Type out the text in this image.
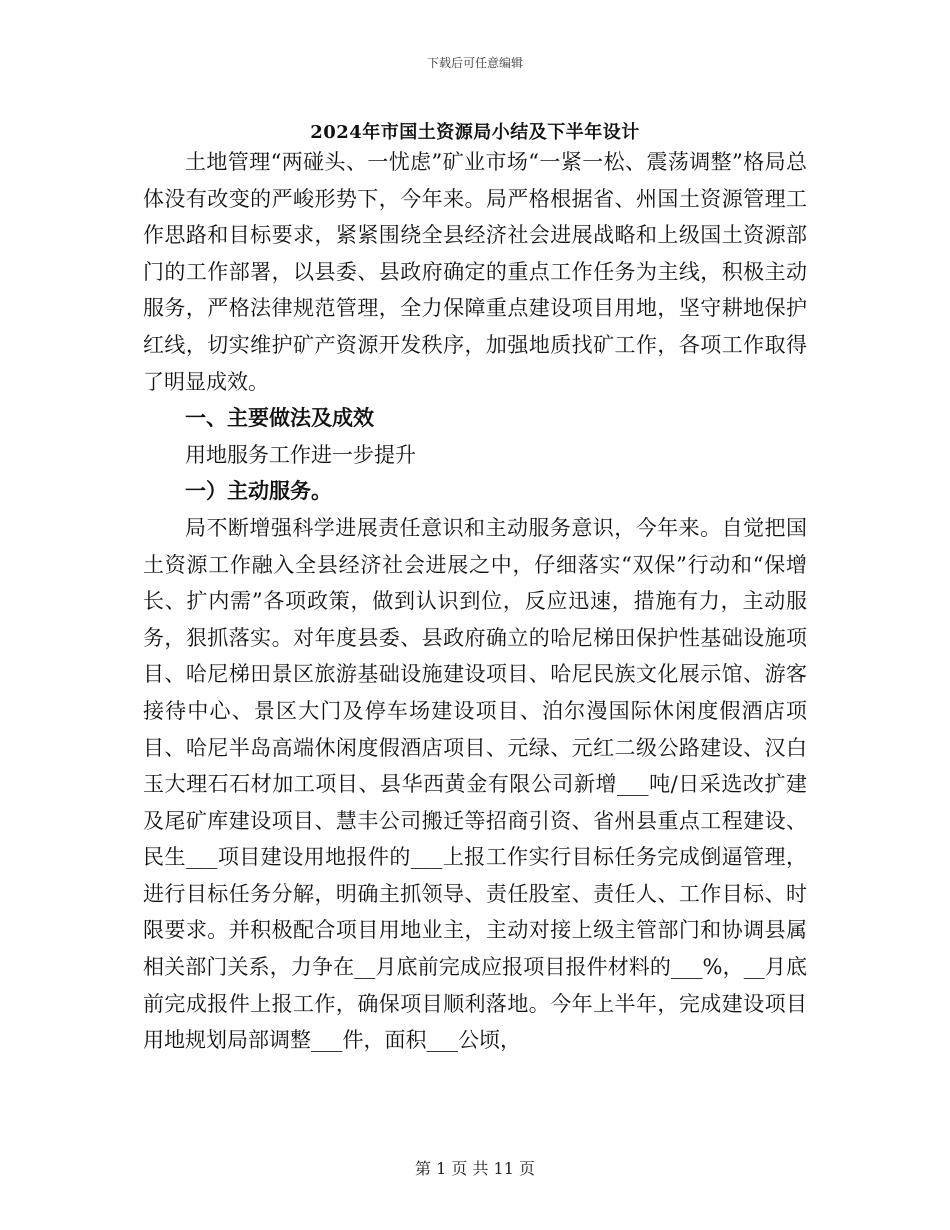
下载后可任意编辑
2024年市国土资源局小结及下半年设计

土地管理“两碰头、一忧虑”矿业市场“一紧一松、震荡调整”格局总体没有改变的严峻形势下，今年来。局严格根据省、州国土资源管理工作思路和目标要求，紧紧围绕全县经济社会进展战略和上级国土资源部门的工作部署，以县委、县政府确定的重点工作任务为主线，积极主动服务，严格法律规范管理，全力保障重点建设项目用地，坚守耕地保护红线，切实维护矿产资源开发秩序，加强地质找矿工作，各项工作取得了明显成效。

一、主要做法及成效

用地服务工作进一步提升

一）主动服务。

局不断增强科学进展责任意识和主动服务意识，今年来。自觉把国土资源工作融入全县经济社会进展之中，仔细落实“双保”行动和“保增长、扩内需”各项政策，做到认识到位，反应迅速，措施有力，主动服务，狠抓落实。对年度县委、县政府确立的哈尼梯田保护性基础设施项目、哈尼梯田景区旅游基础设施建设项目、哈尼民族文化展示馆、游客接待中心、景区大门及停车场建设项目、泊尔漫国际休闲度假酒店项目、哈尼半岛高端休闲度假酒店项目、元绿、元红二级公路建设、汉白玉大理石石材加工项目、县华西黄金有限公司新增___吨/日采选改扩建及尾矿库建设项目、慧丰公司搬迁等招商引资、省州县重点工程建设、民生___项目建设用地报件的___上报工作实行目标任务完成倒逼管理，进行目标任务分解，明确主抓领导、责任股室、责任人、工作目标、时限要求。并积极配合项目用地业主，主动对接上级主管部门和协调县属相关部门关系，力争在__月底前完成应报项目报件材料的___%，__月底前完成报件上报工作，确保项目顺利落地。今年上半年，完成建设项目用地规划局部调整___件，面积___公顷，

第 1 页 共 11 页
